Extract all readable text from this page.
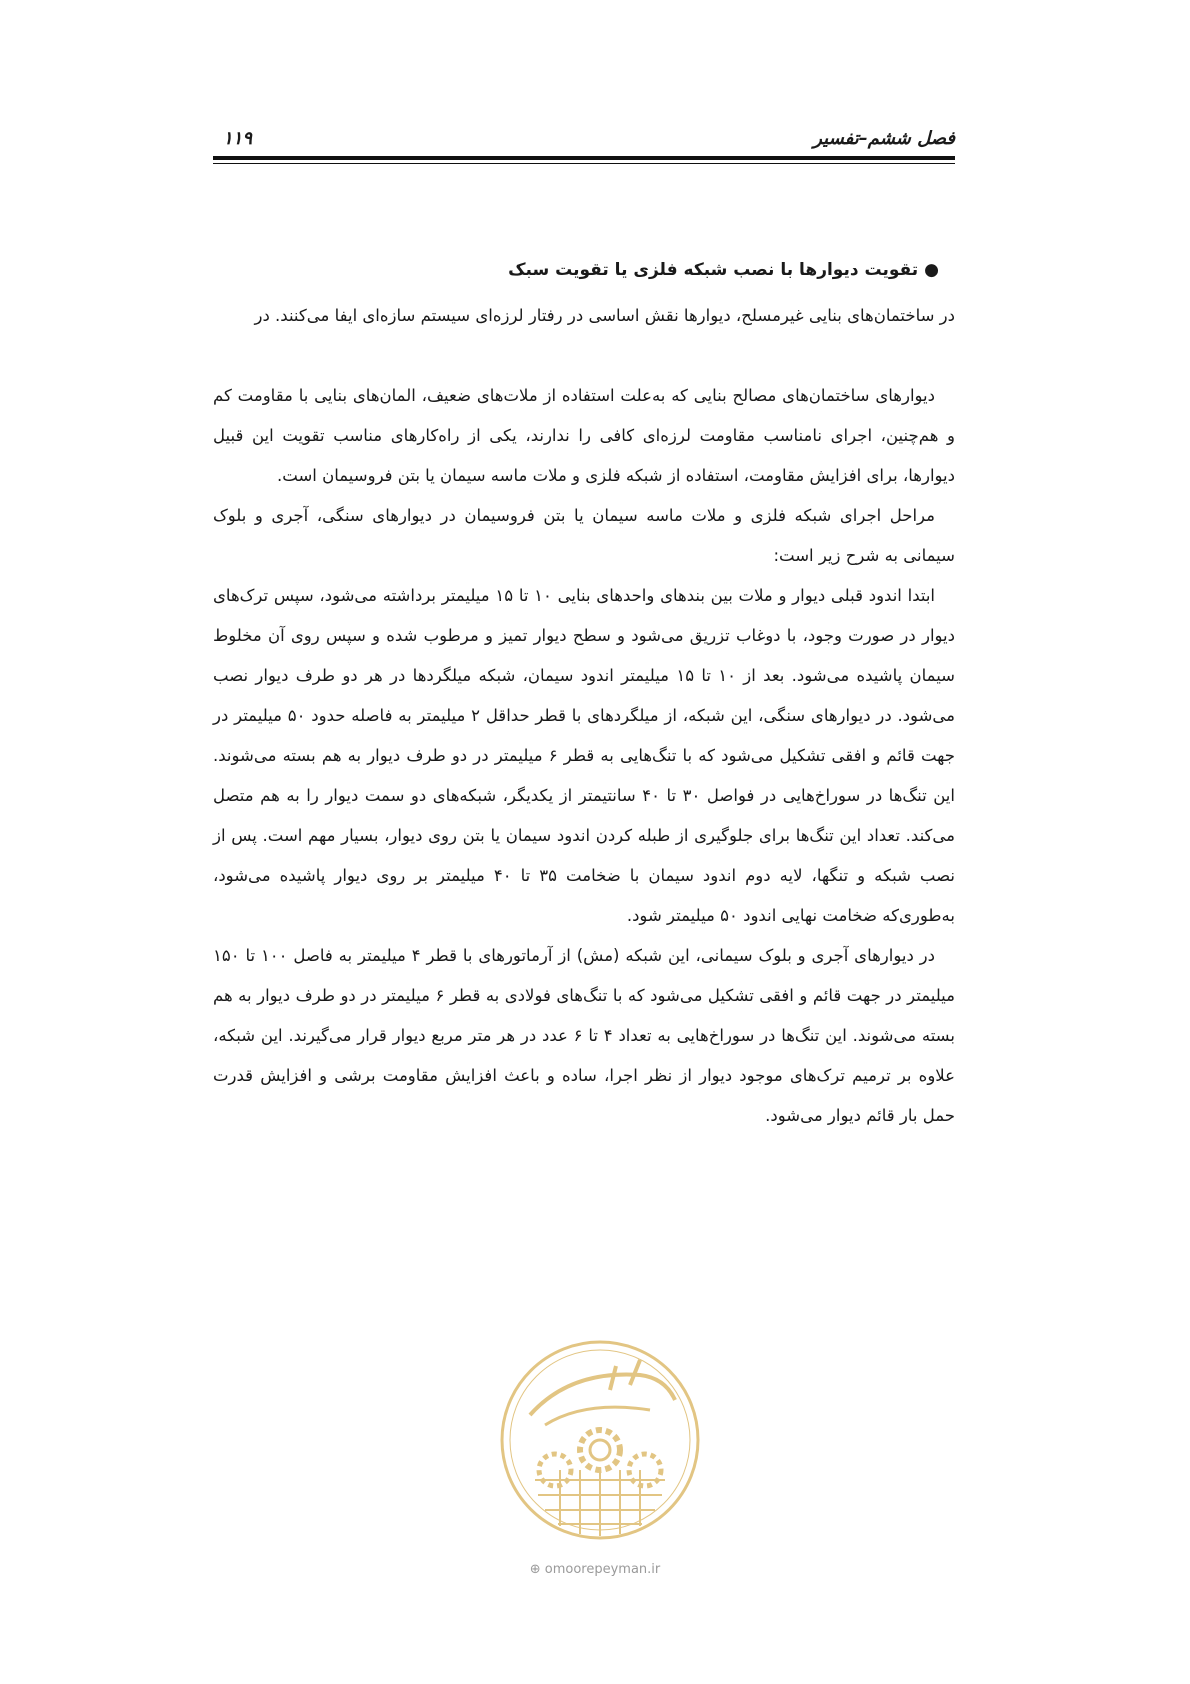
فصل ششم–تفسیر
۱۱۹
●تقویت دیوارها با نصب شبکه فلزی یا تقویت سبک

در ساختمان‌های بنایی غیرمسلح، دیوارها نقش اساسی در رفتار لرزه‌ای سیستم سازه‌ای ایفا می‌کنند. در

دیوارهای ساختمان‌های مصالح بنایی که به‌علت استفاده از ملات‌های ضعیف، المان‌های بنایی با مقاومت کم و هم‌چنین، اجرای نامناسب مقاومت لرزه‌ای کافی را ندارند، یکی از راه‌کارهای مناسب تقویت این قبیل دیوارها، برای افزایش مقاومت، استفاده از شبکه فلزی و ملات ماسه سیمان یا بتن فروسیمان است.

مراحل اجرای شبکه فلزی و ملات ماسه سیمان یا بتن فروسیمان در دیوارهای سنگی، آجری و بلوک سیمانی به شرح زیر است:

ابتدا اندود قبلی دیوار و ملات بین بندهای واحدهای بنایی ۱۰ تا ۱۵ میلیمتر برداشته می‌شود، سپس ترک‌های دیوار در صورت وجود، با دوغاب تزریق می‌شود و سطح دیوار تمیز و مرطوب شده و سپس روی آن مخلوط سیمان پاشیده می‌شود. بعد از ۱۰ تا ۱۵ میلیمتر اندود سیمان، شبکه میلگردها در هر دو طرف دیوار نصب می‌شود. در دیوارهای سنگی، این شبکه، از میلگردهای با قطر حداقل ۲ میلیمتر به فاصله حدود ۵۰ میلیمتر در جهت قائم و افقی تشکیل می‌شود که با تنگ‌هایی به قطر ۶ میلیمتر در دو طرف دیوار به هم بسته می‌شوند. این تنگ‌ها در سوراخ‌هایی در فواصل ۳۰ تا ۴۰ سانتیمتر از یکدیگر، شبکه‌های دو سمت دیوار را به هم متصل می‌کند. تعداد این تنگ‌ها برای جلوگیری از طبله کردن اندود سیمان یا بتن روی دیوار، بسیار مهم است. پس از نصب شبکه و تنگها، لایه دوم اندود سیمان با ضخامت ۳۵ تا ۴۰ میلیمتر بر روی دیوار پاشیده می‌شود، به‌طوری‌که ضخامت نهایی اندود ۵۰ میلیمتر شود.

در دیوارهای آجری و بلوک سیمانی، این شبکه (مش) از آرماتورهای با قطر ۴ میلیمتر به فاصل ۱۰۰ تا ۱۵۰ میلیمتر در جهت قائم و افقی تشکیل می‌شود که با تنگ‌های فولادی به قطر ۶ میلیمتر در دو طرف دیوار به هم بسته می‌شوند. این تنگ‌ها در سوراخ‌هایی به تعداد ۴ تا ۶ عدد در هر متر مربع دیوار قرار می‌گیرند. این شبکه، علاوه بر ترمیم ترک‌های موجود دیوار از نظر اجرا، ساده و باعث افزایش مقاومت برشی و افزایش قدرت حمل بار قائم دیوار می‌شود.

⊕ omoorepeyman.ir
